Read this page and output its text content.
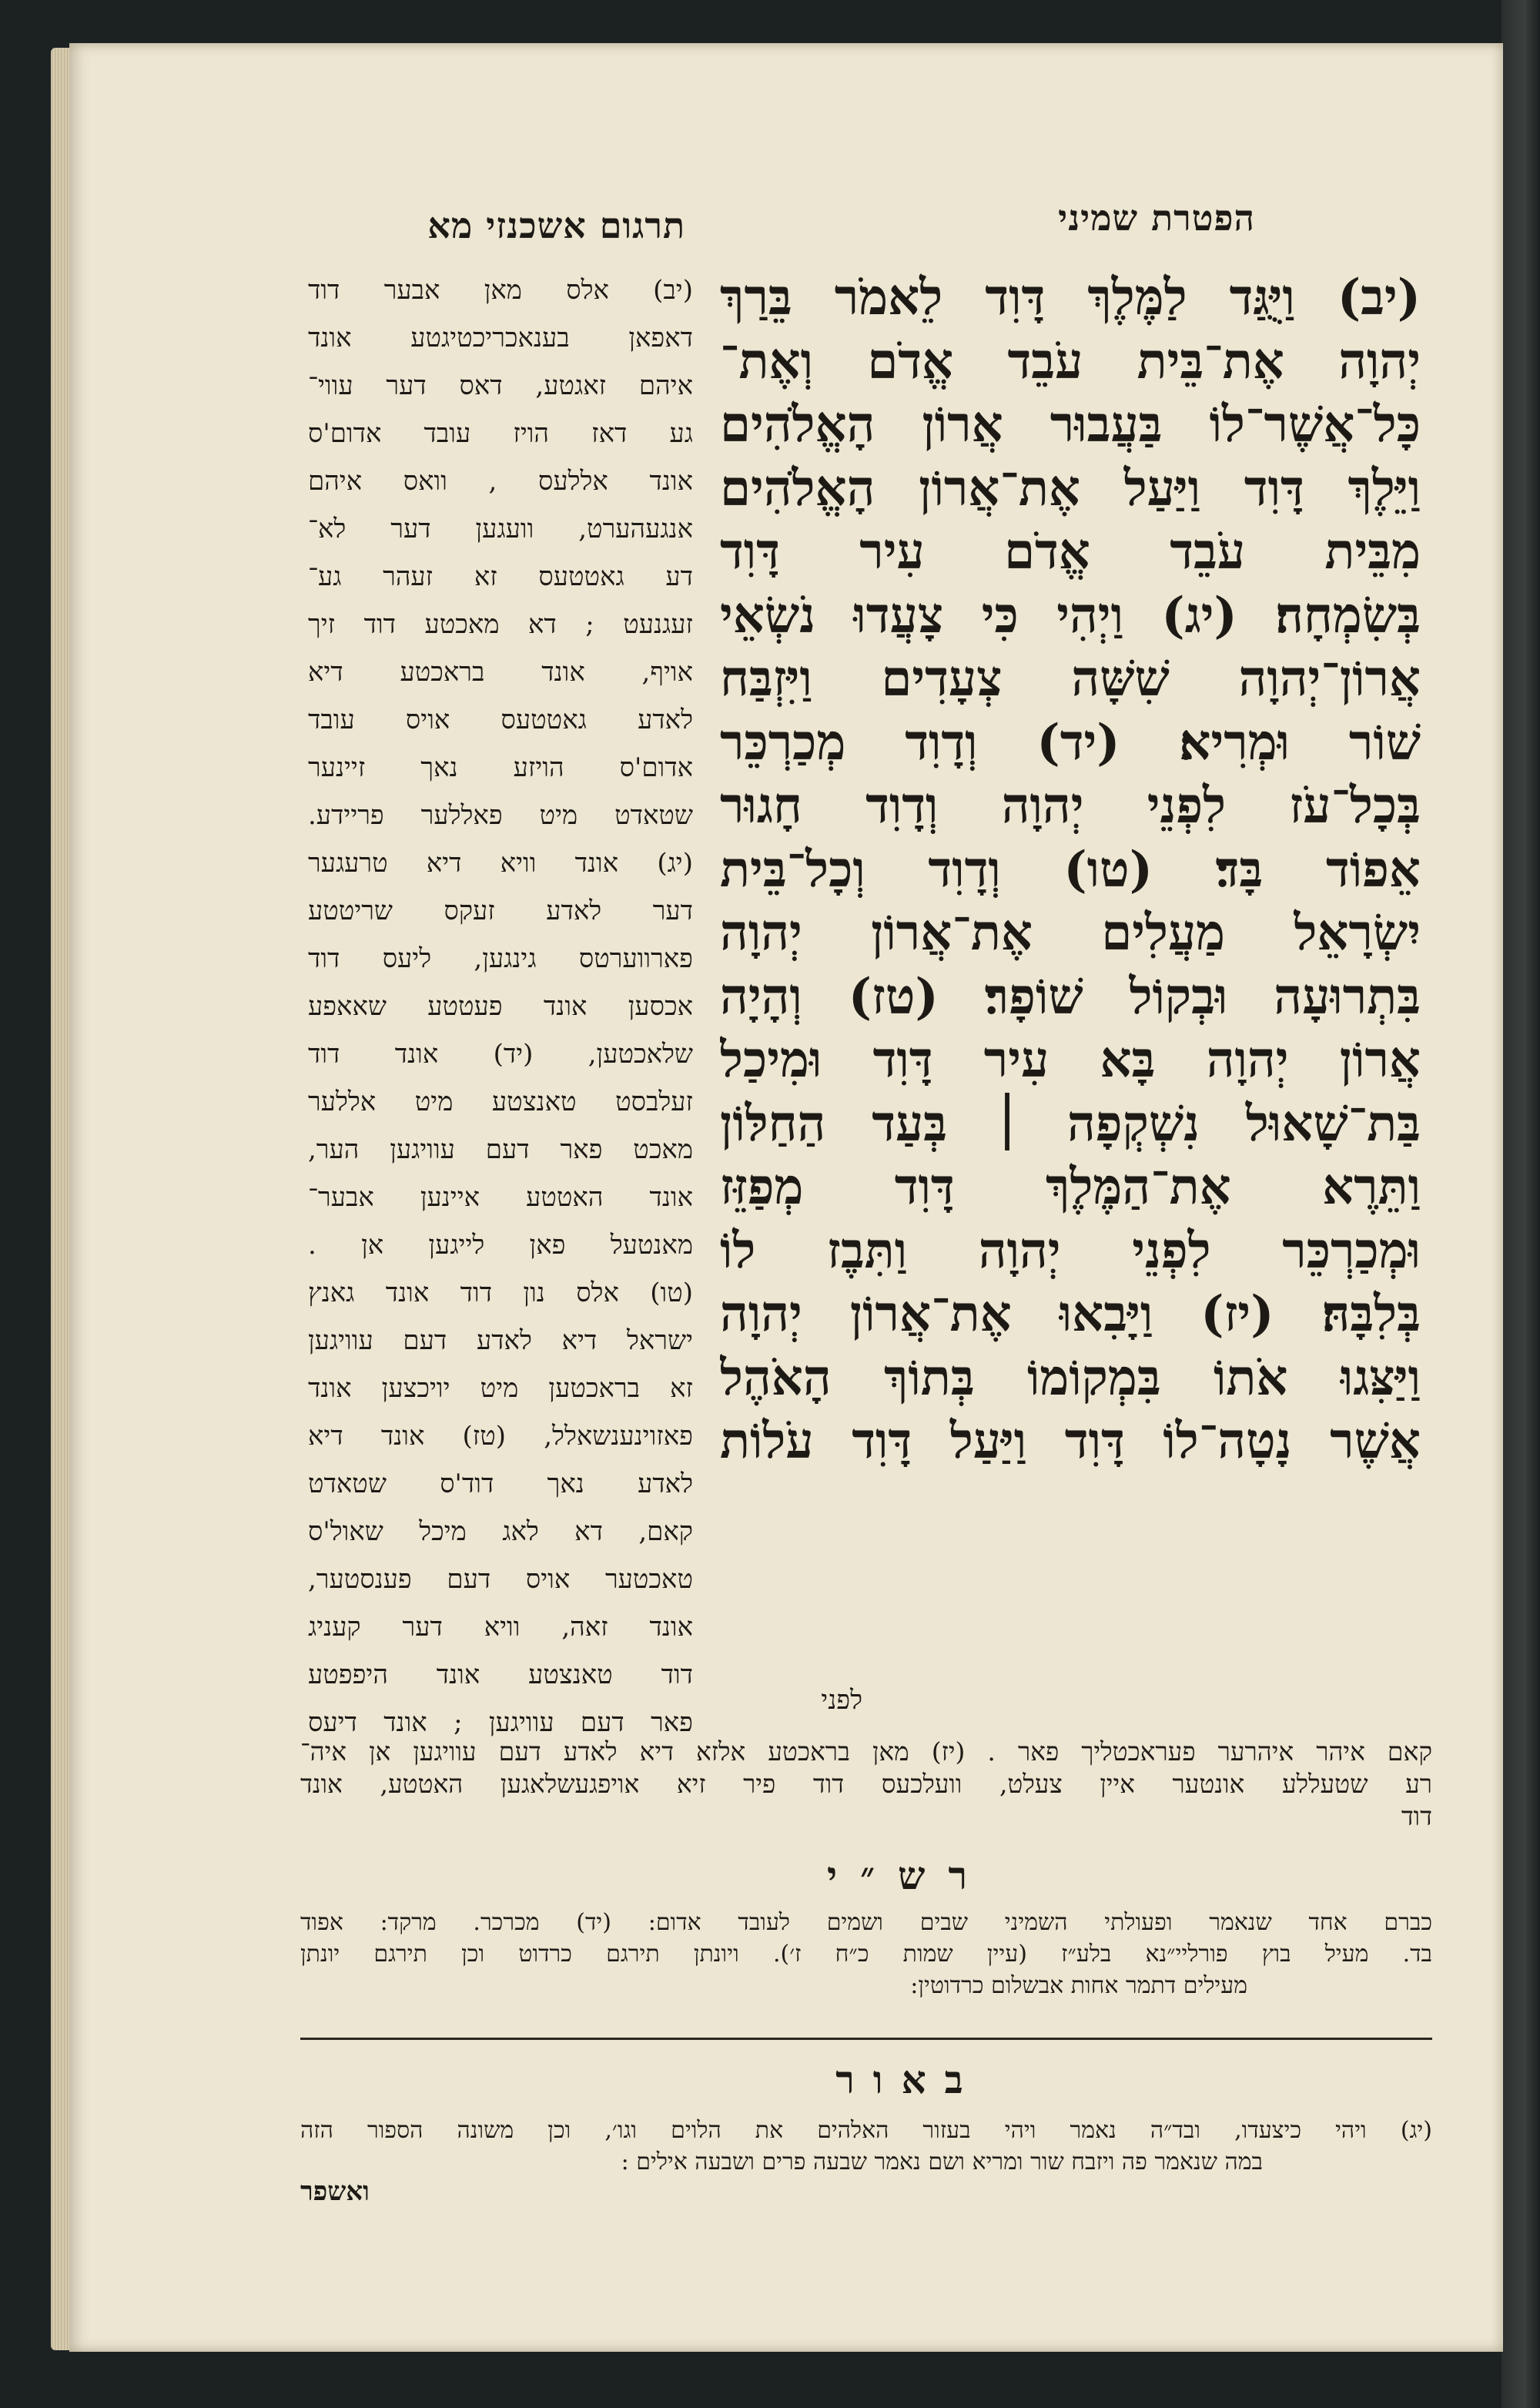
הפטרת שמיני
תרגום אשכנזי מא
(יב) וַיֻּגַּד לַמֶּלֶךְ דָּוִד לֵאמֹר בֵּרַךְ
יְהוָה אֶת־בֵּית עֹבֵד אֱדֹם וְאֶת־
כָּל־אֲשֶׁר־לוֹ בַּעֲבוּר אֲרוֹן הָאֱלֹהִים
וַיֵּלֶךְ דָּוִד וַיַּעַל אֶת־אֲרוֹן הָאֱלֹהִים
מִבֵּית עֹבֵד אֱדֹם עִיר דָּוִד
בְּשִׂמְחָה׃ (יג) וַיְהִי כִּי צָעֲדוּ נֹשְׂאֵי
אֲרוֹן־יְהוָה שִׁשָּׁה צְעָדִים וַיִּזְבַּח
שׁוֹר וּמְרִיא׃ (יד) וְדָוִד מְכַרְכֵּר
בְּכָל־עֹז לִפְנֵי יְהוָה וְדָוִד חָגוּר
אֵפוֹד בָּד׃ (טו) וְדָוִד וְכָל־בֵּית
יִשְׂרָאֵל מַעֲלִים אֶת־אֲרוֹן יְהוָה
בִּתְרוּעָה וּבְקוֹל שׁוֹפָר׃ (טז) וְהָיָה
אֲרוֹן יְהוָה בָּא עִיר דָּוִד וּמִיכַל
בַּת־שָׁאוּל נִשְׁקְפָה ׀ בְּעַד הַחַלּוֹן
וַתֵּרֶא אֶת־הַמֶּלֶךְ דָּוִד מְפַזֵּז
וּמְכַרְכֵּר לִפְנֵי יְהוָה וַתִּבֶז לוֹ
בְּלִבָּהּ׃ (יז) וַיָּבִאוּ אֶת־אֲרוֹן יְהוָה
וַיַּצִּגוּ אֹתוֹ בִּמְקוֹמוֹ בְּתוֹךְ הָאֹהֶל
אֲשֶׁר נָטָה־לוֹ דָּוִד וַיַּעַל דָּוִד עֹלוֹת
לפני
(יב) אלס מאן אבער דוד
דאפאן בענאכריכטיגטע אונד
איהם זאגטע, דאס דער עווי־
גע דאז הויז עובד אדום'ס
אונד אללעס , וואס איהם
אנגעהערט, וועגען דער לא־
דע גאטטעס זא זעהר גע־
זעגנעט ; דא מאכטע דוד זיך
אויף, אונד בראכטע דיא
לאדע גאטטעס אויס עובד
אדום'ס הויזע נאך זיינער
שטאדט מיט פאללער פריידע.
(יג) אונד וויא דיא טרעגער
דער לאדע זעקס שריטטע
פארווערטס גינגען, ליעס דוד
אכסען אונד פעטטע שאאפע
שלאכטען, (יד) אונד דוד
זעלבסט טאנצטע מיט אללער
מאכט פאר דעם עוויגען הער,
אונד האטטע איינען אבער־
מאנטעל פאן לייגען אן .
(טו) אלס נון דוד אונד גאנץ
ישראל דיא לאדע דעם עוויגען
זא בראכטען מיט יויכצען אונד
פאזוינענשאלל, (טז) אונד דיא
לאדע נאך דוד'ס שטאדט
קאם, דא לאג מיכל שאול'ס
טאכטער אויס דעם פענסטער,
אונד זאה, וויא דער קעניג
דוד טאנצטע אונד היפפטע
פאר דעם עוויגען ; אונד דיעס
קאם איהר איהרער פעראכטליך פאר . (יז) מאן בראכטע אלזא דיא לאדע דעם עוויגען אן איה־
רע שטעללע אונטער איין צעלט, וועלכעס דוד פיר זיא אויפגעשלאגען האטטע, אונד
דוד
רש״י
כברם אחד שנאמר ופעולתי השמיני שבים ושמים לעובד אדום: (יד) מכרכר. מרקד: אפוד
בד. מעיל בוץ פורליי״נא בלע״ז (עיין שמות כ״ח ז׳). ויונתן תירגם כרדוט וכן תירגם יונתן
מעילים דתמר אחות אבשלום כרדוטין:
באור
(יג) ויהי כיצעדו, ובד״ה נאמר ויהי בעזור האלהים את הלוים וגו׳, וכן משונה הספור הזה
במה שנאמר פה ויזבח שור ומריא ושם נאמר שבעה פרים ושבעה אילים :
ואשפר
